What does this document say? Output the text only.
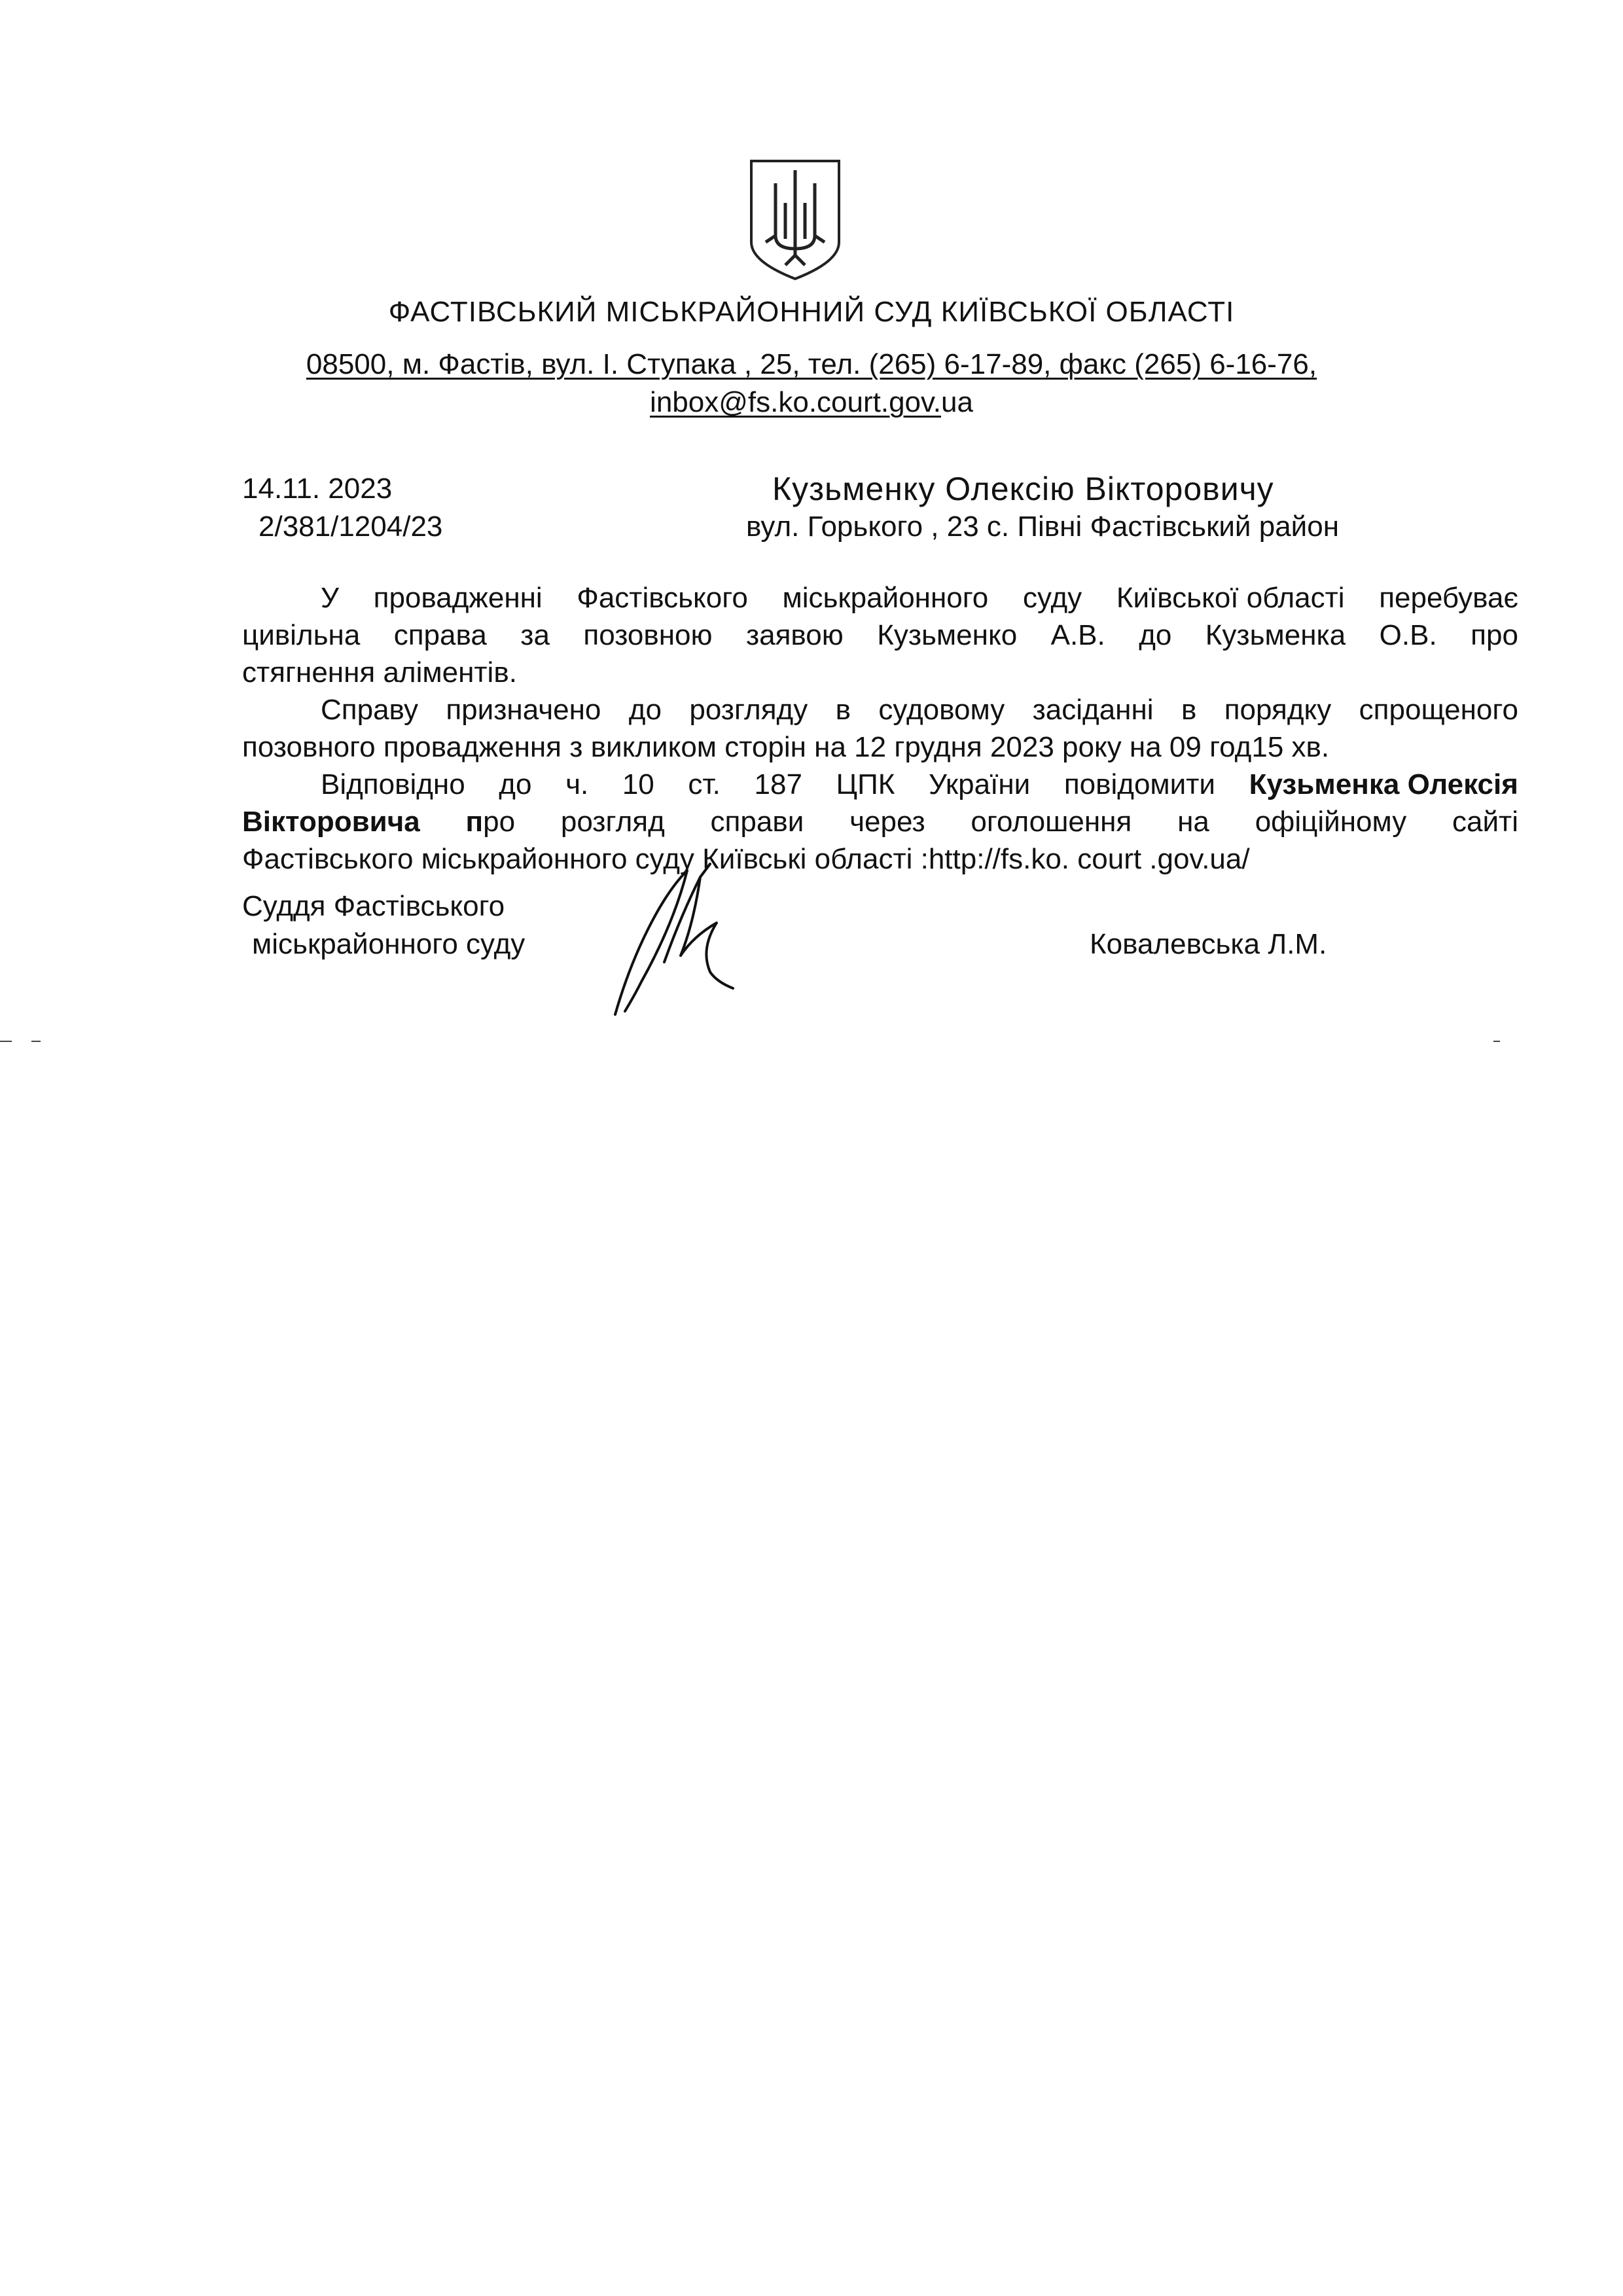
ФАСТІВСЬКИЙ МІСЬКРАЙОННИЙ СУД КИЇВСЬКОЇ ОБЛАСТІ
08500, м. Фастів, вул. І. Ступака , 25, тел. (265) 6-17-89, факс (265) 6-16-76,
inbox@fs.ko.court.gov.ua
14.11. 2023
2/381/1204/23
Кузьменку Олексію Вікторовичу
вул. Горького , 23 с. Півні Фастівський район
У провадженні Фастівського міськрайонного суду Київської області перебуває
цивільна справа за позовною заявою Кузьменко А.В. до Кузьменка О.В. про
стягнення аліментів.
Справу призначено до розгляду в судовому засіданні в порядку спрощеного
позовного провадження з викликом сторін на 12 грудня 2023 року на 09 год15 хв.
Відповідно до ч. 10 ст. 187 ЦПК України повідомити Кузьменка Олексія
Вікторовича про розгляд справи через оголошення на офіційному сайті
Фастівського міськрайонного суду Київські області :http://fs.ko. court .gov.ua/
Суддя Фастівського
міськрайонного суду	Ковалевська Л.М.
